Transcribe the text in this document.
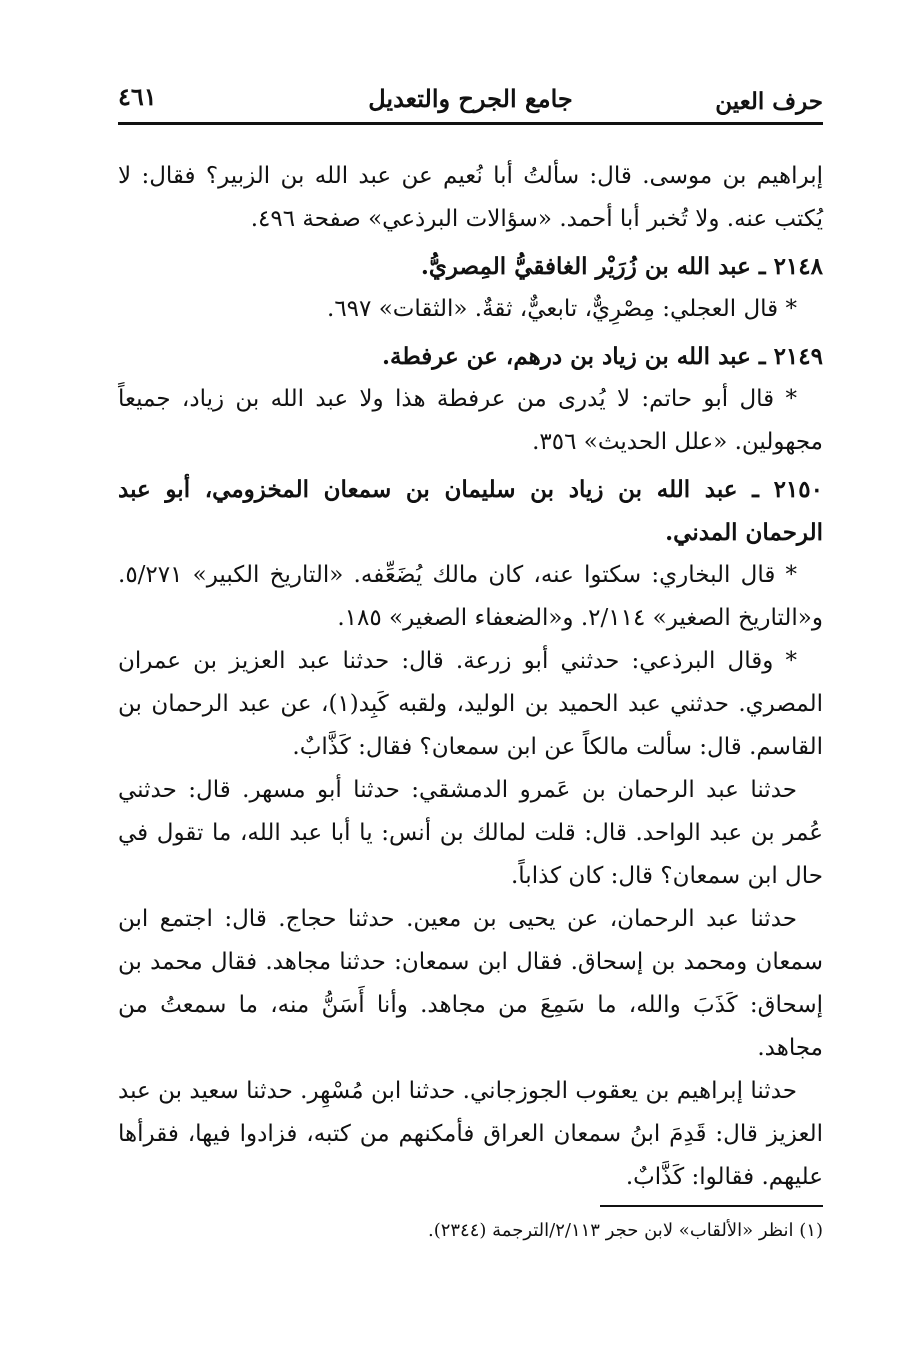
حرف العين
جامع الجرح والتعديل
٤٦١

إبراهيم بن موسى. قال: سألتُ أبا نُعيم عن عبد الله بن الزبير؟ فقال: لا يُكتب عنه. ولا تُخبر أبا أحمد. «سؤالات البرذعي» صفحة ٤٩٦.

٢١٤٨ ـ عبد الله بن زُرَيْر الغافقيُّ المِصريُّ.

* قال العجلي: مِصْرِيٌّ، تابعيٌّ، ثقةٌ. «الثقات» ٦٩٧.

٢١٤٩ ـ عبد الله بن زياد بن درهم، عن عرفطة.

* قال أبو حاتم: لا يُدرى من عرفطة هذا ولا عبد الله بن زياد، جميعاً مجهولين. «علل الحديث» ٣٥٦.

٢١٥٠ ـ عبد الله بن زياد بن سليمان بن سمعان المخزومي، أبو عبد الرحمان المدني.

* قال البخاري: سكتوا عنه، كان مالك يُضَعِّفه. «التاريخ الكبير» ٥/٢٧١. و«التاريخ الصغير» ٢/١١٤. و«الضعفاء الصغير» ١٨٥.

* وقال البرذعي: حدثني أبو زرعة. قال: حدثنا عبد العزيز بن عمران المصري. حدثني عبد الحميد بن الوليد، ولقبه كَبِد(١)، عن عبد الرحمان بن القاسم. قال: سألت مالكاً عن ابن سمعان؟ فقال: كَذَّابٌ.

حدثنا عبد الرحمان بن عَمرو الدمشقي: حدثنا أبو مسهر. قال: حدثني عُمر بن عبد الواحد. قال: قلت لمالك بن أنس: يا أبا عبد الله، ما تقول في حال ابن سمعان؟ قال: كان كذاباً.

حدثنا عبد الرحمان، عن يحيى بن معين. حدثنا حجاج. قال: اجتمع ابن سمعان ومحمد بن إسحاق. فقال ابن سمعان: حدثنا مجاهد. فقال محمد بن إسحاق: كَذَبَ والله، ما سَمِعَ من مجاهد. وأنا أَسَنُّ منه، ما سمعتُ من مجاهد.

حدثنا إبراهيم بن يعقوب الجوزجاني. حدثنا ابن مُسْهِر. حدثنا سعيد بن عبد العزيز قال: قَدِمَ ابنُ سمعان العراق فأمكنهم من كتبه، فزادوا فيها، فقرأها عليهم. فقالوا: كَذَّابٌ.

(١) انظر «الألقاب» لابن حجر ٢/١١٣/الترجمة (٢٣٤٤).
